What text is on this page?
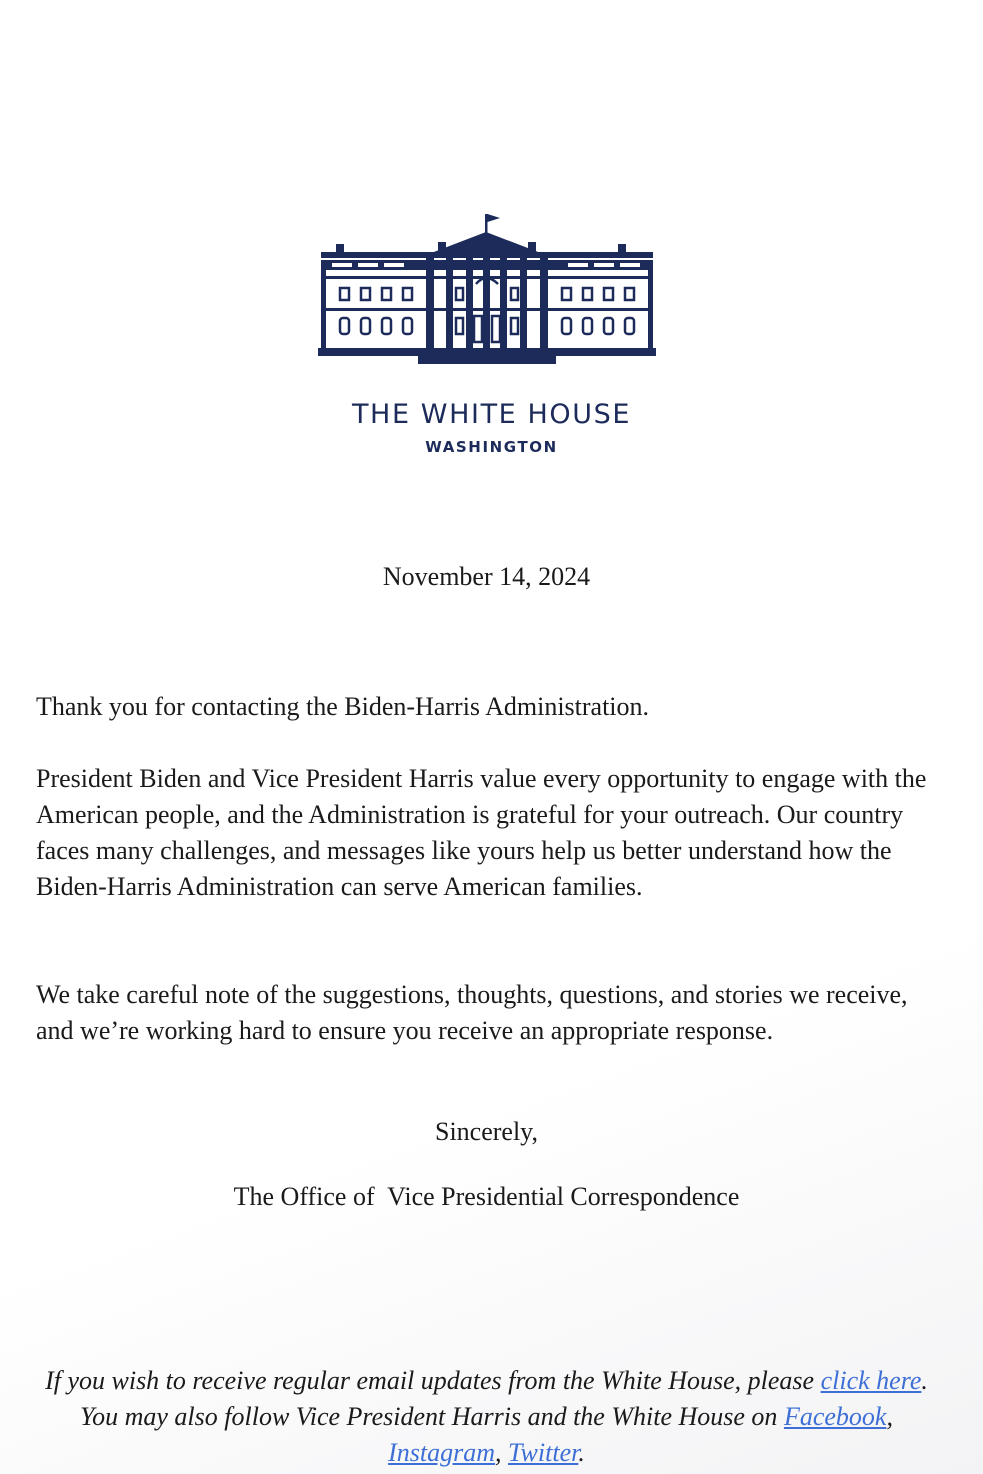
THE WHITE HOUSE
WASHINGTON
November 14, 2024

Thank you for contacting the Biden-Harris Administration.

President Biden and Vice President Harris value every opportunity to engage with the American people, and the Administration is grateful for your outreach. Our country faces many challenges, and messages like yours help us better understand how the Biden-Harris Administration can serve American families.

We take careful note of the suggestions, thoughts, questions, and stories we receive, and we’re working hard to ensure you receive an appropriate response.

Sincerely,
The Office of  Vice Presidential Correspondence
If you wish to receive regular email updates from the White House, please click here. You may also follow Vice President Harris and the White House on Facebook, Instagram, Twitter.
